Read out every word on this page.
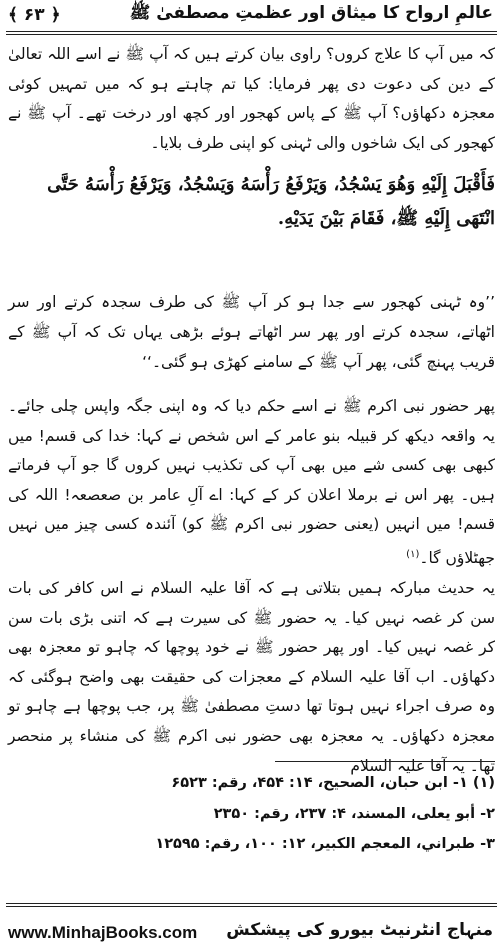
﴿ ۶۳ ﴾	عالمِ ارواح کا میثاق اور عظمتِ مصطفیٰ ﷺ
کہ میں آپ کا علاج کروں؟ راوی بیان کرتے ہیں کہ آپ ﷺ نے اسے اللہ تعالیٰ کے دین کی دعوت دی پھر فرمایا: کیا تم چاہتے ہو کہ میں تمہیں کوئی معجزہ دکھاؤں؟ آپ ﷺ کے پاس کھجور اور کچھ اور درخت تھے۔ آپ ﷺ نے کھجور کی ایک شاخوں والی ٹہنی کو اپنی طرف بلایا۔
فَأَقْبَلَ إِلَيْهِ وَهُوَ يَسْجُدُ، وَيَرْفَعُ رَأْسَهُ وَيَسْجُدُ، وَيَرْفَعُ رَأْسَهُ حَتَّى انْتَهَى إِلَيْهِ ﷺ، فَقَامَ بَيْنَ يَدَيْهِ.
’’وہ ٹہنی کھجور سے جدا ہو کر آپ ﷺ کی طرف سجدہ کرتے اور سر اٹھاتے، سجدہ کرتے اور پھر سر اٹھاتے ہوئے بڑھی یہاں تک کہ آپ ﷺ کے قریب پہنچ گئی، پھر آپ ﷺ کے سامنے کھڑی ہو گئی۔‘‘
پھر حضور نبی اکرم ﷺ نے اسے حکم دیا کہ وہ اپنی جگہ واپس چلی جائے۔ یہ واقعہ دیکھ کر قبیلہ بنو عامر کے اس شخص نے کہا: خدا کی قسم! میں کبھی بھی کسی شے میں بھی آپ کی تکذیب نہیں کروں گا جو آپ فرماتے ہیں۔ پھر اس نے برملا اعلان کر کے کہا: اے آلِ عامر بن صعصعہ! اللہ کی قسم! میں انہیں (یعنی حضور نبی اکرم ﷺ کو) آئندہ کسی چیز میں نہیں جھٹلاؤں گا۔$^{(۱)}$
یہ حدیث مبارکہ ہمیں بتلاتی ہے کہ آقا علیہ السلام نے اس کافر کی بات سن کر غصہ نہیں کیا۔ یہ حضور ﷺ کی سیرت ہے کہ اتنی بڑی بات سن کر غصہ نہیں کیا۔ اور پھر حضور ﷺ نے خود پوچھا کہ چاہو تو معجزہ بھی دکھاؤں۔ اب آقا علیہ السلام کے معجزات کی حقیقت بھی واضح ہوگئی کہ وہ صرف اجراء نہیں ہوتا تھا دستِ مصطفیٰ ﷺ پر، جب پوچھا ہے چاہو تو معجزہ دکھاؤں۔ یہ معجزہ بھی حضور نبی اکرم ﷺ کی منشاء پر منحصر تھا۔ یہ آقا علیہ السلام
(۱) ۱- ابن حبان، الصحيح، ۱۴: ۴۵۴، رقم: ۶۵۲۳
۲- أبو يعلى، المسند، ۴: ۲۳۷، رقم: ۲۳۵۰
۳- طبراني، المعجم الكبير، ۱۲: ۱۰۰، رقم: ۱۲۵۹۵
www.MinhajBooks.com منہاج انٹرنیٹ بیورو کی پیشکش
